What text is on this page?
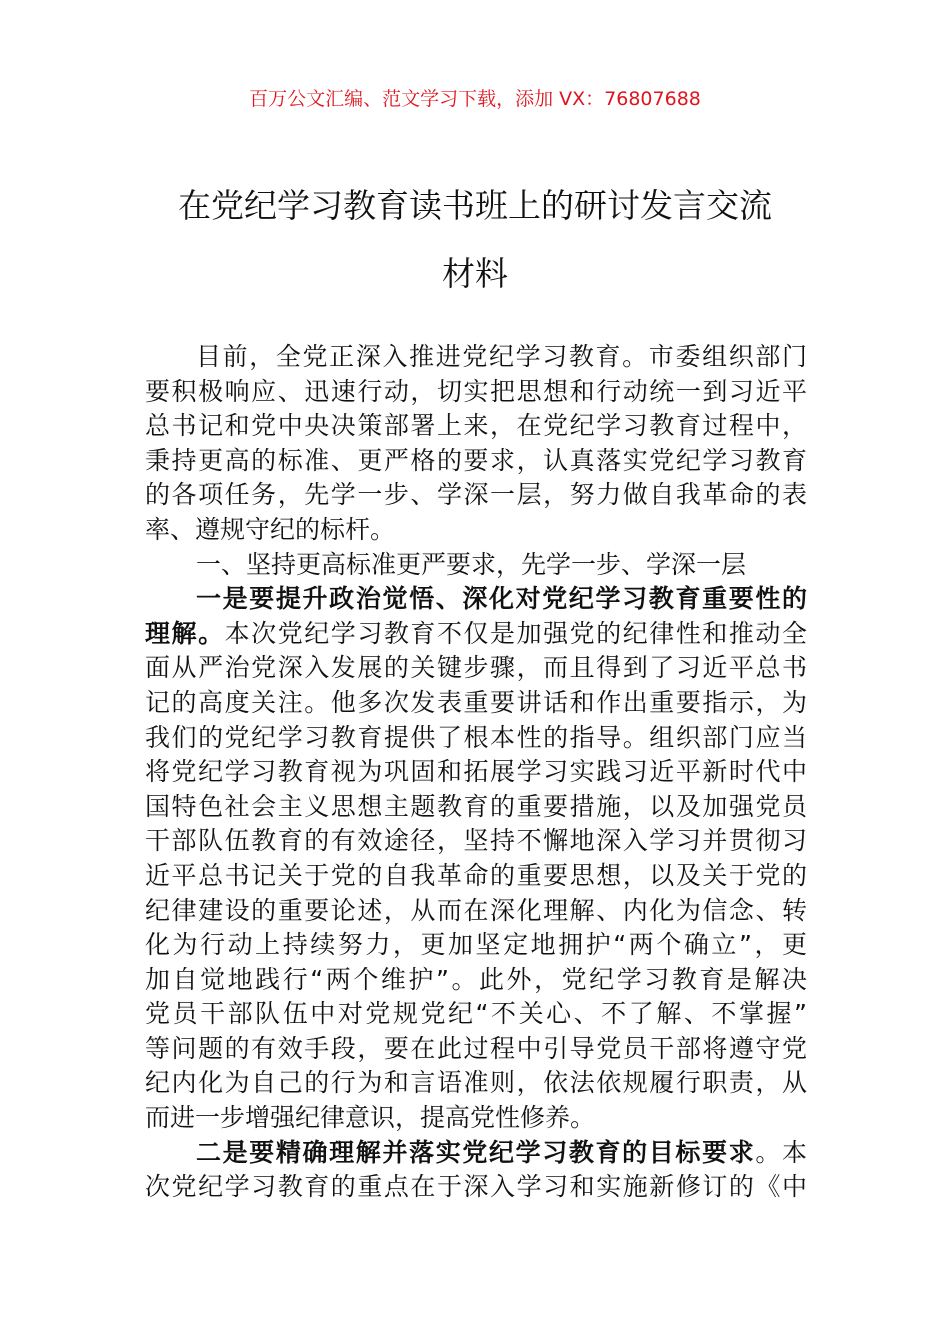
百万公文汇编、范文学习下载，添加 VX：76807688
在党纪学习教育读书班上的研讨发言交流
材料
目前，全党正深入推进党纪学习教育。市委组织部门
要积极响应、迅速行动，切实把思想和行动统一到习近平
总书记和党中央决策部署上来，在党纪学习教育过程中，
秉持更高的标准、更严格的要求，认真落实党纪学习教育
的各项任务，先学一步、学深一层，努力做自我革命的表
率、遵规守纪的标杆。
一、坚持更高标准更严要求，先学一步、学深一层
一是要提升政治觉悟、深化对党纪学习教育重要性的
理解。本次党纪学习教育不仅是加强党的纪律性和推动全
面从严治党深入发展的关键步骤，而且得到了习近平总书
记的高度关注。他多次发表重要讲话和作出重要指示，为
我们的党纪学习教育提供了根本性的指导。组织部门应当
将党纪学习教育视为巩固和拓展学习实践习近平新时代中
国特色社会主义思想主题教育的重要措施，以及加强党员
干部队伍教育的有效途径，坚持不懈地深入学习并贯彻习
近平总书记关于党的自我革命的重要思想，以及关于党的
纪律建设的重要论述，从而在深化理解、内化为信念、转
化为行动上持续努力，更加坚定地拥护“两个确立”，更
加自觉地践行“两个维护”。此外，党纪学习教育是解决
党员干部队伍中对党规党纪“不关心、不了解、不掌握”
等问题的有效手段，要在此过程中引导党员干部将遵守党
纪内化为自己的行为和言语准则，依法依规履行职责，从
而进一步增强纪律意识，提高党性修养。
二是要精确理解并落实党纪学习教育的目标要求。本
次党纪学习教育的重点在于深入学习和实施新修订的《中
